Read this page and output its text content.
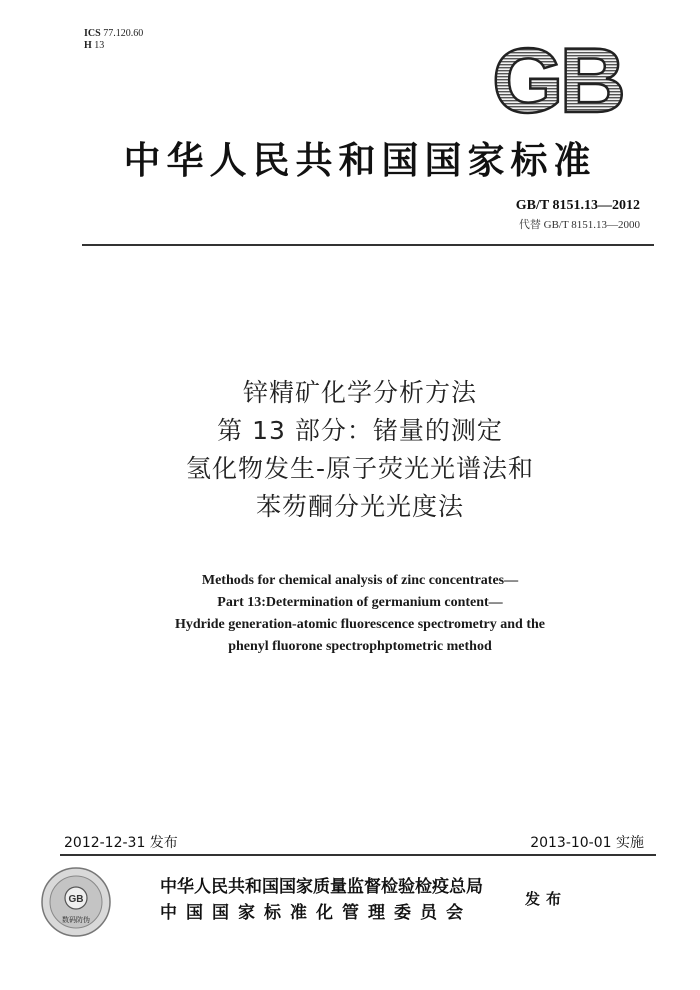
ICS 77.120.60
H 13	GB
中华人民共和国国家标准
GB/T 8151.13—2012
代替 GB/T 8151.13—2000
锌精矿化学分析方法
第 13 部分：锗量的测定
氢化物发生-原子荧光光谱法和
苯芴酮分光光度法
Methods for chemical analysis of zinc concentrates—
Part 13:Determination of germanium content—
Hydride generation-atomic fluorescence spectrometry and the
phenyl fluorone spectrophptometric method
2012-12-31 发布	2013-10-01 实施
GB
数码防伪
中华人民共和国国家质量监督检验检疫总局
中国国家标准化管理委员会
发布
